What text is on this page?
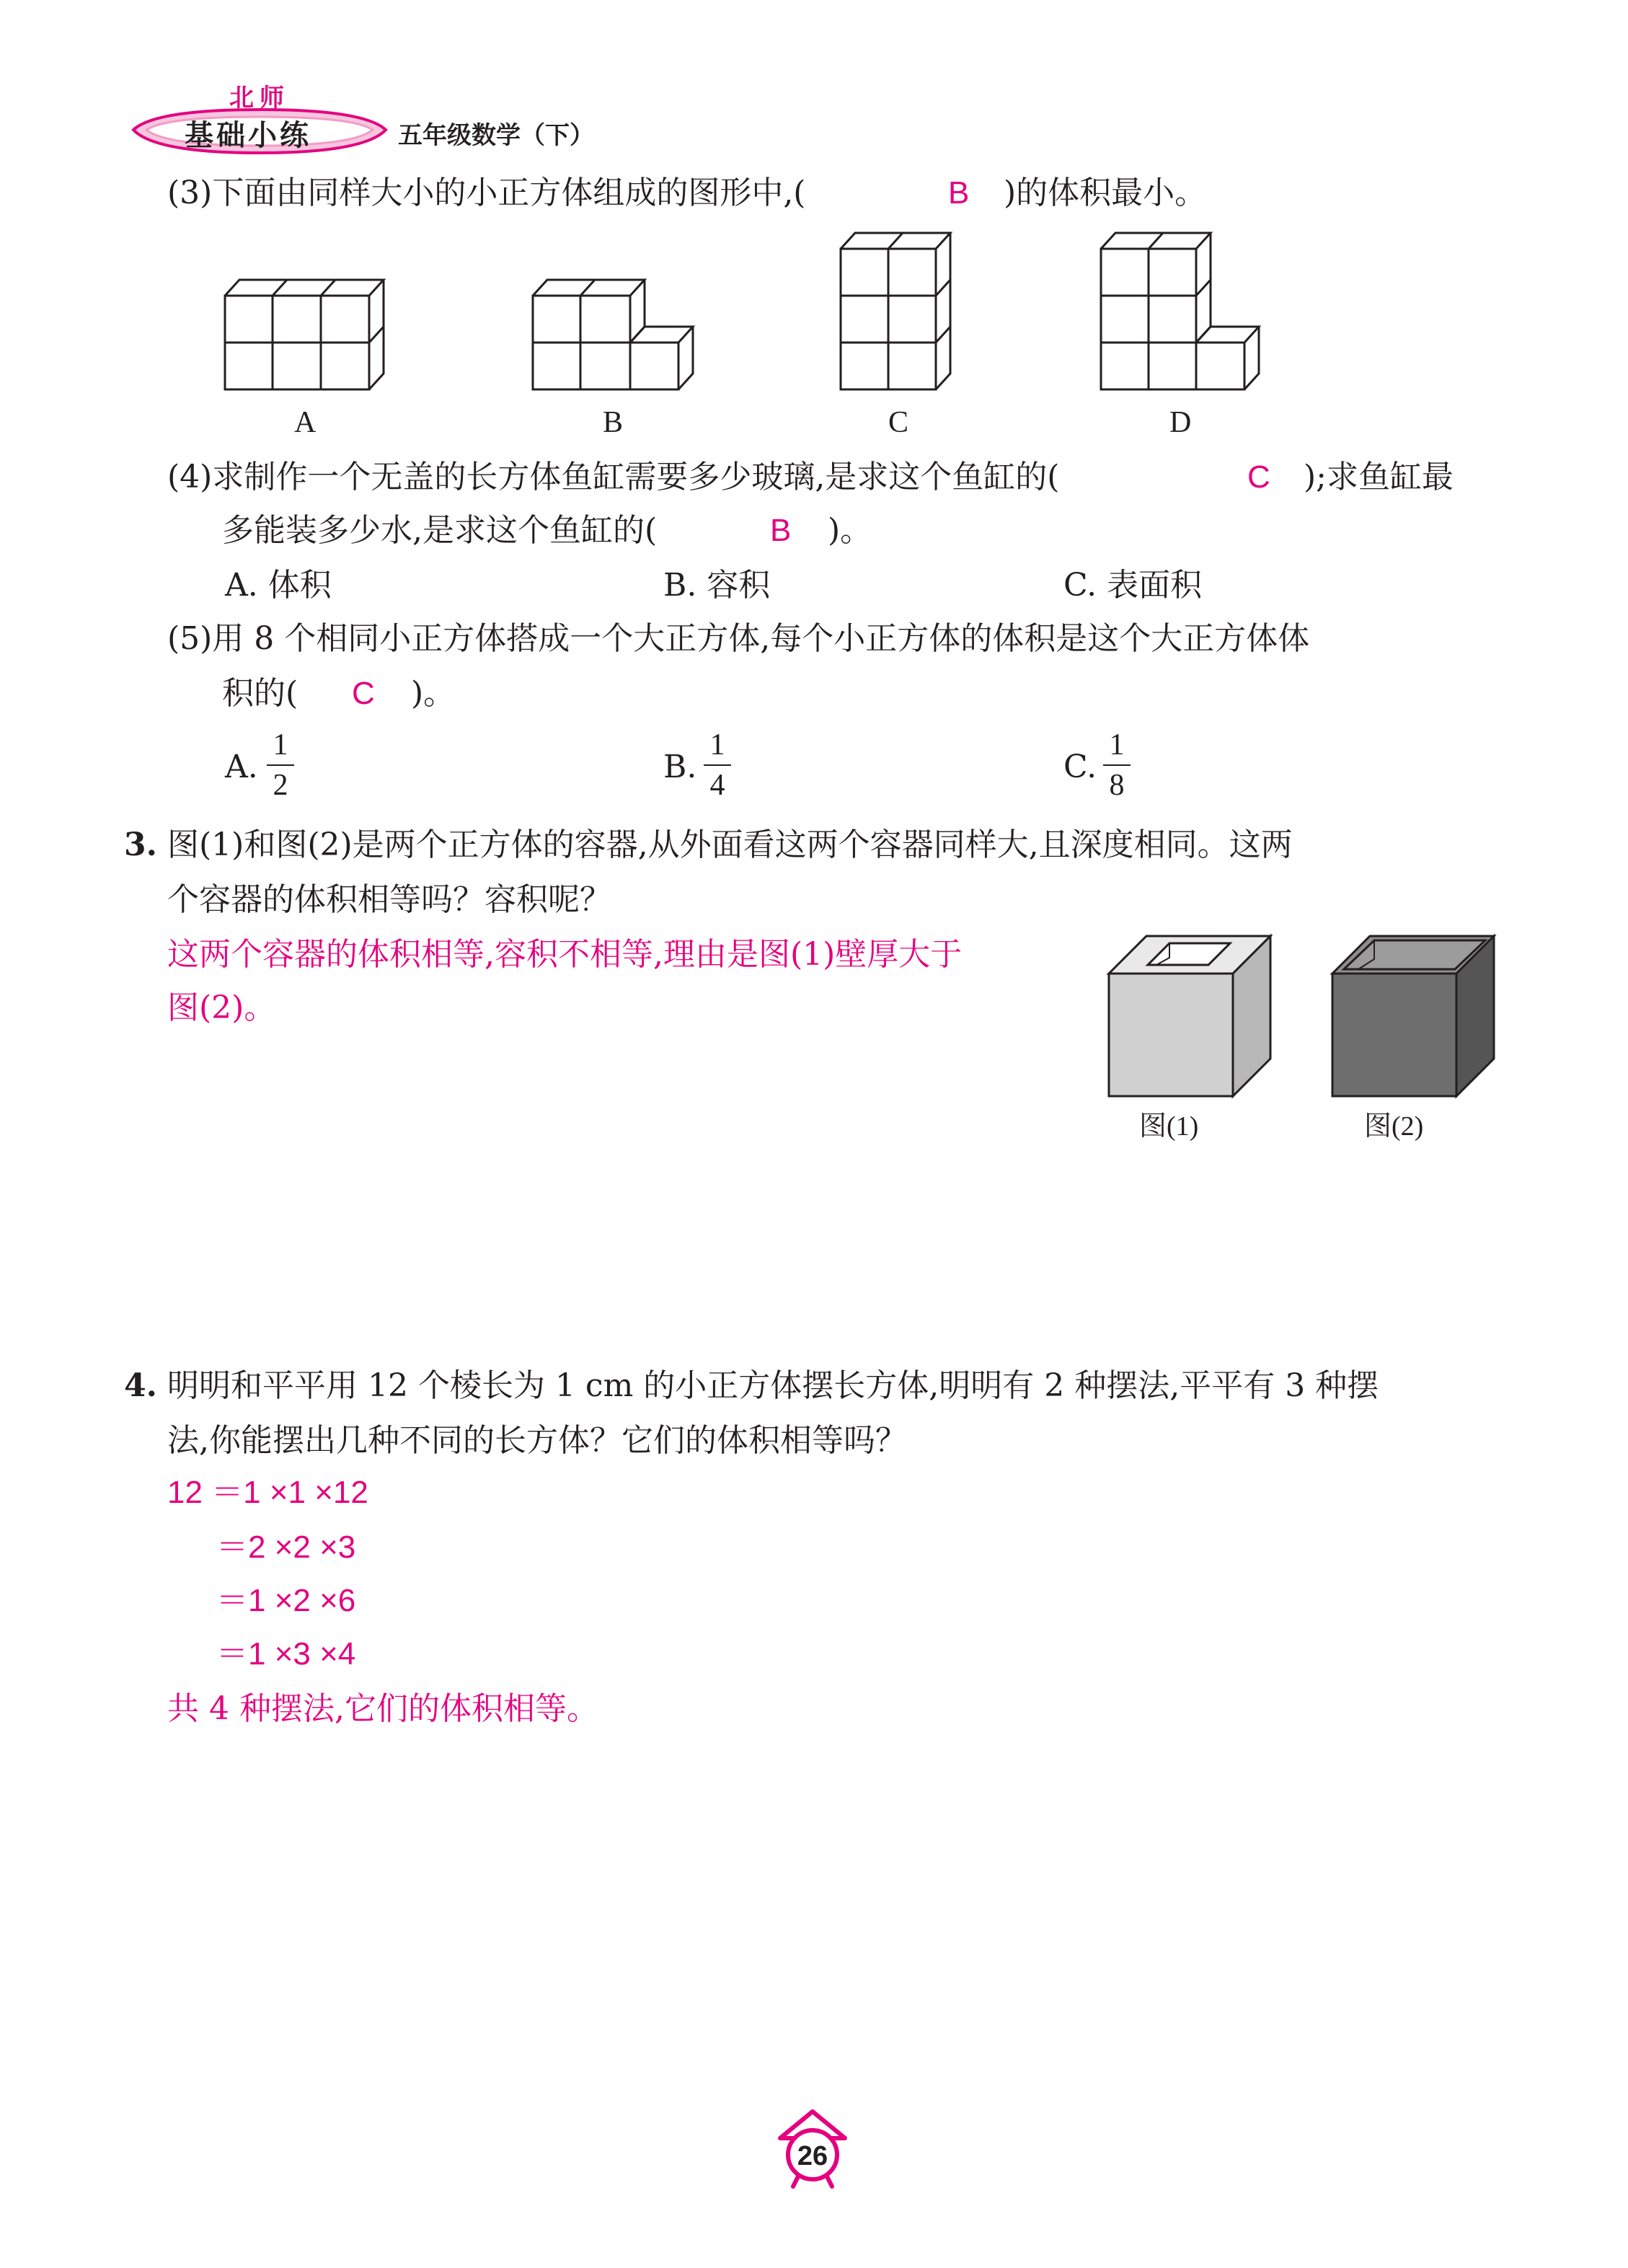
北师
基础小练	五年级数学（下）
(3)下面由同样大小的小正方体组成的图形中,(	B )的体积最小。
A	B	C	D
(4)求制作一个无盖的长方体鱼缸需要多少玻璃,是求这个鱼缸的(	C );求鱼缸最
多能装多少水,是求这个鱼缸的(	B )。
A. 体积	B. 容积	C. 表面积
(5)用 8 个相同小正方体搭成一个大正方体,每个小正方体的体积是这个大正方体体
积的( C )。
A.
1
2	B.
1
4	C.
1
8
3. 图(1)和图(2)是两个正方体的容器,从外面看这两个容器同样大,且深度相同。这两
个容器的体积相等吗？容积呢？
这两个容器的体积相等,容积不相等,理由是图(1)壁厚大于
图(2)。
图(1)	图(2)
4. 明明和平平用 12 个棱长为 1 cm 的小正方体摆长方体,明明有 2 种摆法,平平有 3 种摆
法,你能摆出几种不同的长方体？它们的体积相等吗？
12 ＝1 ×1 ×12
＝2 ×2 ×3
＝1 ×2 ×6
＝1 ×3 ×4
共 4 种摆法,它们的体积相等。
26
